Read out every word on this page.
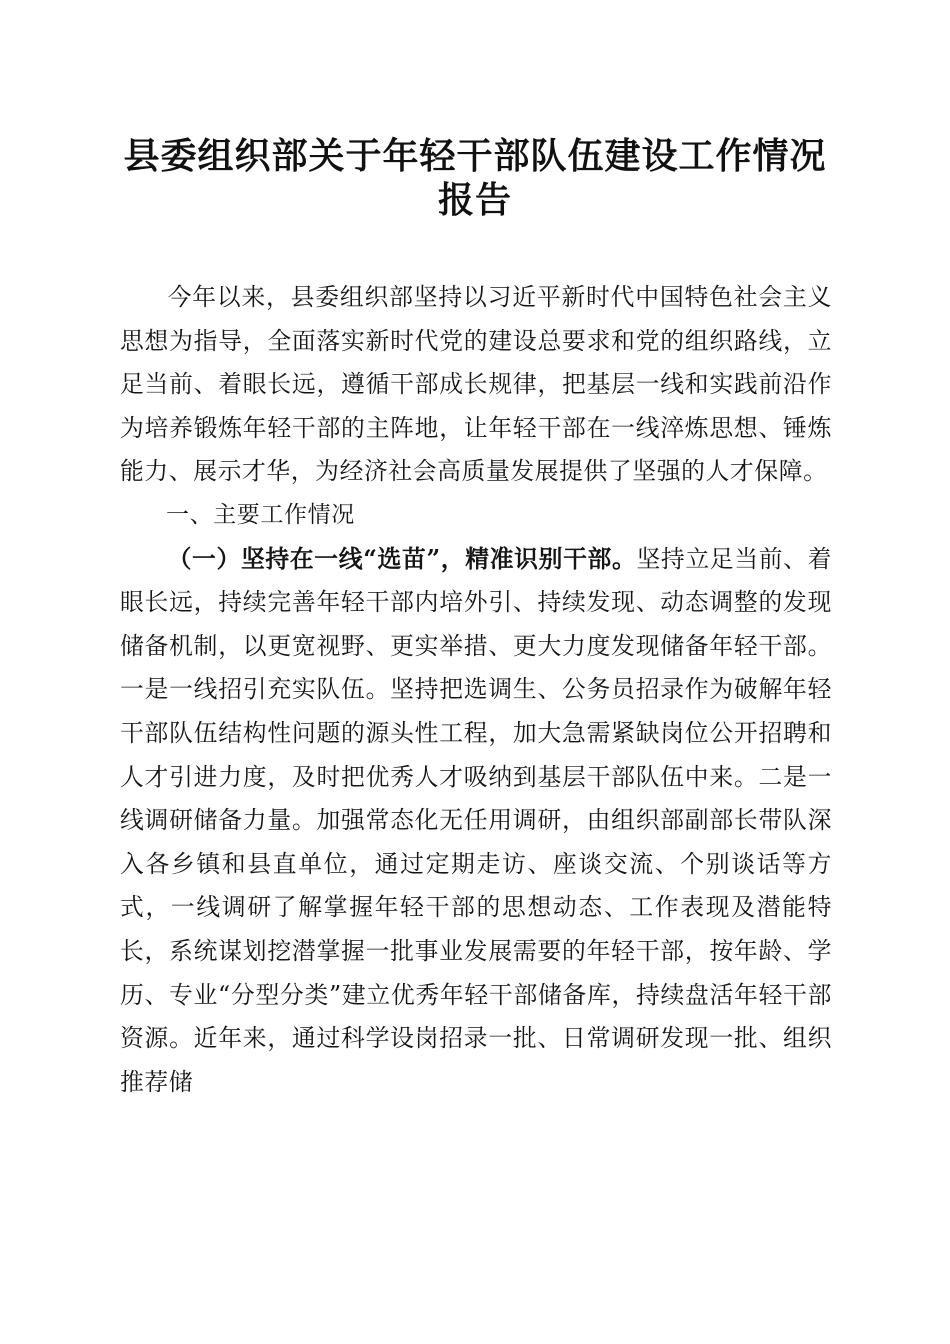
县委组织部关于年轻干部队伍建设工作情况报告

今年以来，县委组织部坚持以习近平新时代中国特色社会主义思想为指导，全面落实新时代党的建设总要求和党的组织路线，立足当前、着眼长远，遵循干部成长规律，把基层一线和实践前沿作为培养锻炼年轻干部的主阵地，让年轻干部在一线淬炼思想、锤炼能力、展示才华，为经济社会高质量发展提供了坚强的人才保障。

一、主要工作情况

（一）坚持在一线“选苗”，精准识别干部。坚持立足当前、着眼长远，持续完善年轻干部内培外引、持续发现、动态调整的发现储备机制，以更宽视野、更实举措、更大力度发现储备年轻干部。一是一线招引充实队伍。坚持把选调生、公务员招录作为破解年轻干部队伍结构性问题的源头性工程，加大急需紧缺岗位公开招聘和人才引进力度，及时把优秀人才吸纳到基层干部队伍中来。二是一线调研储备力量。加强常态化无任用调研，由组织部副部长带队深入各乡镇和县直单位，通过定期走访、座谈交流、个别谈话等方式，一线调研了解掌握年轻干部的思想动态、工作表现及潜能特长，系统谋划挖潜掌握一批事业发展需要的年轻干部，按年龄、学历、专业“分型分类”建立优秀年轻干部储备库，持续盘活年轻干部资源。近年来，通过科学设岗招录一批、日常调研发现一批、组织推荐储
